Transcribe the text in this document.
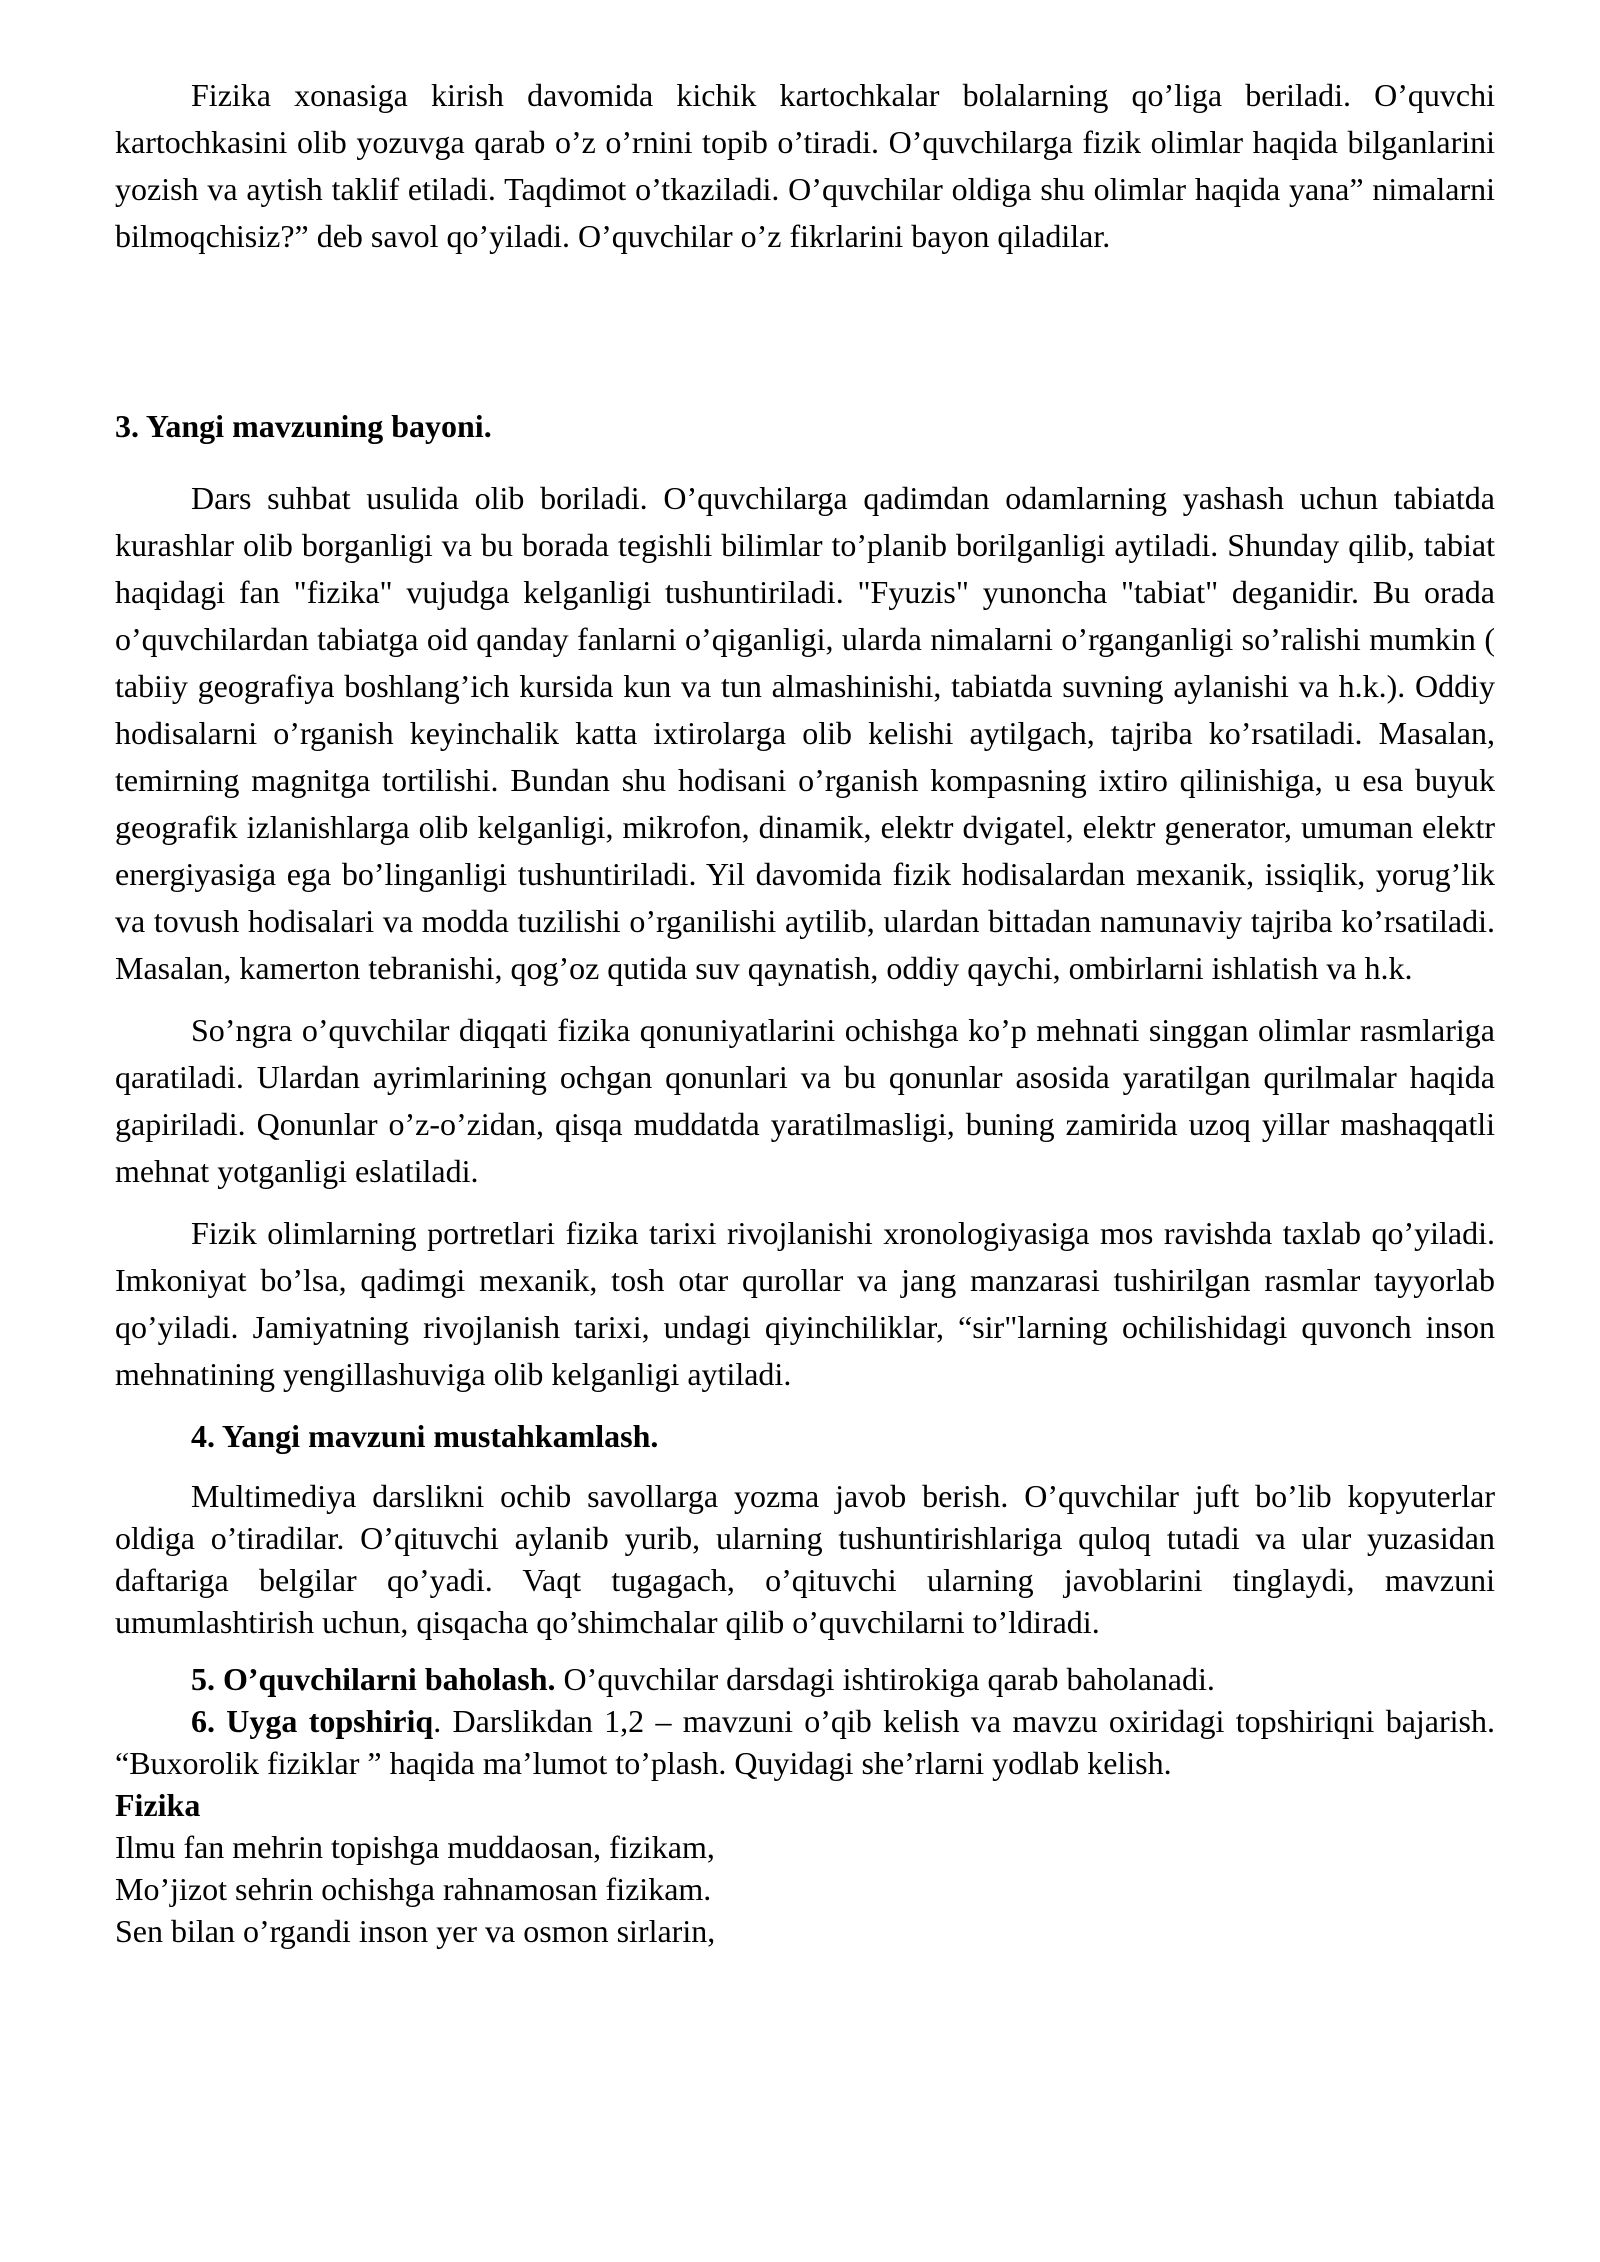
Fizika xonasiga kirish davomida kichik kartochkalar bolalarning qo’liga beriladi. O’quvchi kartochkasini olib yozuvga qarab o’z o’rnini topib o’tiradi. O’quvchilarga fizik olimlar haqida bilganlarini yozish va aytish taklif etiladi. Taqdimot o’tkaziladi. O’quvchilar oldiga shu olimlar haqida yana” nimalarni bilmoqchisiz?” deb savol qo’yiladi. O’quvchilar o’z fikrlarini bayon qiladilar.

3. Yangi mavzuning bayoni.

Dars suhbat usulida olib boriladi. O’quvchilarga qadimdan odamlarning yashash uchun tabiatda kurashlar olib borganligi va bu borada tegishli bilimlar to’planib borilganligi aytiladi. Shunday qilib, tabiat haqidagi fan "fizika" vujudga kelganligi tushuntiriladi. "Fyuzis" yunoncha "tabiat" deganidir. Bu orada o’quvchilardan tabiatga oid qanday fanlarni o’qiganligi, ularda nimalarni o’rganganligi so’ralishi mumkin ( tabiiy geografiya boshlang’ich kursida kun va tun almashinishi, tabiatda suvning aylanishi va h.k.). Oddiy hodisalarni o’rganish keyinchalik katta ixtirolarga olib kelishi aytilgach, tajriba ko’rsatiladi. Masalan, temirning magnitga tortilishi. Bundan shu hodisani o’rganish kompasning ixtiro qilinishiga, u esa buyuk geografik izlanishlarga olib kelganligi, mikrofon, dinamik, elektr dvigatel, elektr generator, umuman elektr energiyasiga ega bo’linganligi tushuntiriladi. Yil davomida fizik hodisalardan mexanik, issiqlik, yorug’lik va tovush hodisalari va modda tuzilishi o’rganilishi aytilib, ulardan bittadan namunaviy tajriba ko’rsatiladi. Masalan, kamerton tebranishi, qog’oz qutida suv qaynatish, oddiy qaychi, ombirlarni ishlatish va h.k.

So’ngra o’quvchilar diqqati fizika qonuniyatlarini ochishga ko’p mehnati singgan olimlar rasmlariga qaratiladi. Ulardan ayrimlarining ochgan qonunlari va bu qonunlar asosida yaratilgan qurilmalar haqida gapiriladi. Qonunlar o’z-o’zidan, qisqa muddatda yaratilmasligi, buning zamirida uzoq yillar mashaqqatli mehnat yotganligi eslatiladi.

Fizik olimlarning portretlari fizika tarixi rivojlanishi xronologiyasiga mos ravishda taxlab qo’yiladi. Imkoniyat bo’lsa, qadimgi mexanik, tosh otar qurollar va jang manzarasi tushirilgan rasmlar tayyorlab qo’yiladi. Jamiyatning rivojlanish tarixi, undagi qiyinchiliklar, “sir"larning ochilishidagi quvonch inson mehnatining yengillashuviga olib kelganligi aytiladi.

4. Yangi mavzuni mustahkamlash.

Multimediya darslikni ochib savollarga yozma javob berish. O’quvchilar juft bo’lib kopyuterlar oldiga o’tiradilar. O’qituvchi aylanib yurib, ularning tushuntirishlariga quloq tutadi va ular yuzasidan daftariga belgilar qo’yadi. Vaqt tugagach, o’qituvchi ularning javoblarini tinglaydi, mavzuni umumlashtirish uchun, qisqacha qo’shimchalar qilib o’quvchilarni to’ldiradi.

5. O’quvchilarni baholash. O’quvchilar darsdagi ishtirokiga qarab baholanadi.

6. Uyga topshiriq. Darslikdan 1,2 – mavzuni o’qib kelish va mavzu oxiridagi topshiriqni bajarish. “Buxorolik fiziklar ” haqida ma’lumot to’plash. Quyidagi she’rlarni yodlab kelish.

Fizika
Ilmu fan mehrin topishga muddaosan, fizikam,
Mo’jizot sehrin ochishga rahnamosan fizikam.
Sen bilan o’rgandi inson yer va osmon sirlarin,
